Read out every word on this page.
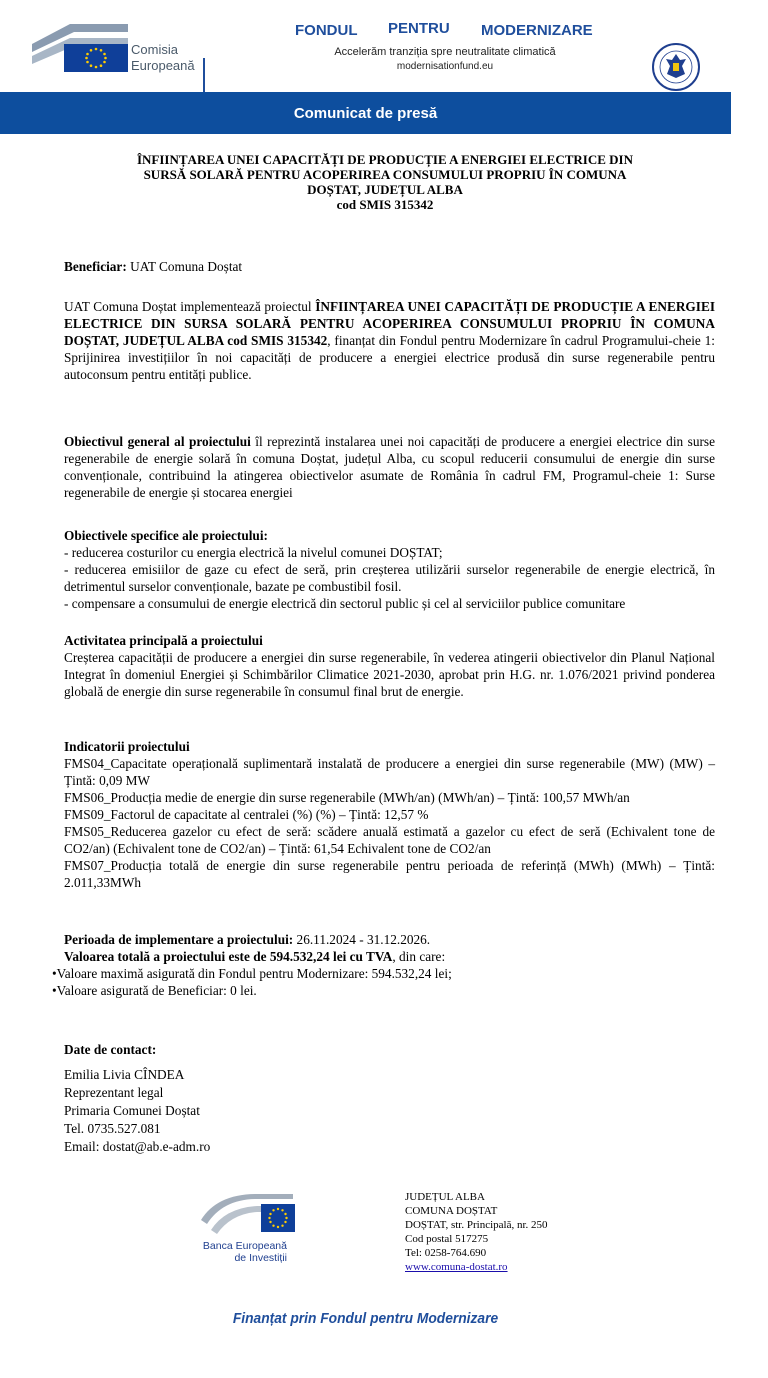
Comisia
Europeană
FONDUL PENTRU MODERNIZARE
Accelerăm tranziția spre neutralitate climatică
modernisationfund.eu
Comunicat de presă
ÎNFIINȚAREA UNEI CAPACITĂȚI DE PRODUCȚIE A ENERGIEI ELECTRICE DIN
SURSĂ SOLARĂ PENTRU ACOPERIREA CONSUMULUI PROPRIU ÎN COMUNA
DOȘTAT, JUDEȚUL ALBA
cod SMIS 315342
Beneficiar: UAT Comuna Doștat
UAT Comuna Doștat implementează proiectul ÎNFIINȚAREA UNEI CAPACITĂȚI DE PRODUCȚIE A ENERGIEI ELECTRICE DIN SURSA SOLARĂ PENTRU ACOPERIREA CONSUMULUI PROPRIU ÎN COMUNA DOȘTAT, JUDEȚUL ALBA cod SMIS 315342, finanțat din Fondul pentru Modernizare în cadrul Programului-cheie 1: Sprijinirea investițiilor în noi capacități de producere a energiei electrice produsă din surse regenerabile pentru autoconsum pentru entități publice.
Obiectivul general al proiectului îl reprezintă instalarea unei noi capacități de producere a energiei electrice din surse regenerabile de energie solară în comuna Doștat, județul Alba, cu scopul reducerii consumului de energie din surse convenționale, contribuind la atingerea obiectivelor asumate de România în cadrul FM, Programul-cheie 1: Surse regenerabile de energie și stocarea energiei

Obiectivele specifice ale proiectului:

- reducerea costurilor cu energia electrică la nivelul comunei DOȘTAT;

- reducerea emisiilor de gaze cu efect de seră, prin creșterea utilizării surselor regenerabile de energie electrică, în detrimentul surselor convenționale, bazate pe combustibil fosil.

- compensare a consumului de energie electrică din sectorul public și cel al serviciilor publice comunitare

Activitatea principală a proiectului

Creșterea capacității de producere a energiei din surse regenerabile, în vederea atingerii obiectivelor din Planul Național Integrat în domeniul Energiei și Schimbărilor Climatice 2021-2030, aprobat prin H.G. nr. 1.076/2021 privind ponderea globală de energie din surse regenerabile în consumul final brut de energie.

Indicatorii proiectului

FMS04_Capacitate operațională suplimentară instalată de producere a energiei din surse regenerabile (MW) (MW) – Țintă: 0,09 MW

FMS06_Producția medie de energie din surse regenerabile (MWh/an) (MWh/an) – Țintă: 100,57 MWh/an

FMS09_Factorul de capacitate al centralei (%) (%) – Țintă: 12,57 %

FMS05_Reducerea gazelor cu efect de seră: scădere anuală estimată a gazelor cu efect de seră (Echivalent tone de CO2/an) (Echivalent tone de CO2/an) – Țintă: 61,54 Echivalent tone de CO2/an

FMS07_Producția totală de energie din surse regenerabile pentru perioada de referință (MWh) (MWh) – Țintă: 2.011,33MWh

Perioada de implementare a proiectului: 26.11.2024 - 31.12.2026.
Valoarea totală a proiectului este de 594.532,24 lei cu TVA, din care:
•Valoare maximă asigurată din Fondul pentru Modernizare: 594.532,24 lei;
•Valoare asigurată de Beneficiar: 0 lei.
Date de contact:
Emilia Livia CÎNDEA
Reprezentant legal
Primaria Comunei Doștat
Tel. 0735.527.081
Email: dostat@ab.e-adm.ro
Banca Europeană
de Investiții
JUDEȚUL ALBA
COMUNA DOȘTAT
DOȘTAT, str. Principală, nr. 250
Cod postal 517275
Tel: 0258-764.690
www.comuna-dostat.ro
Finanțat prin Fondul pentru Modernizare
